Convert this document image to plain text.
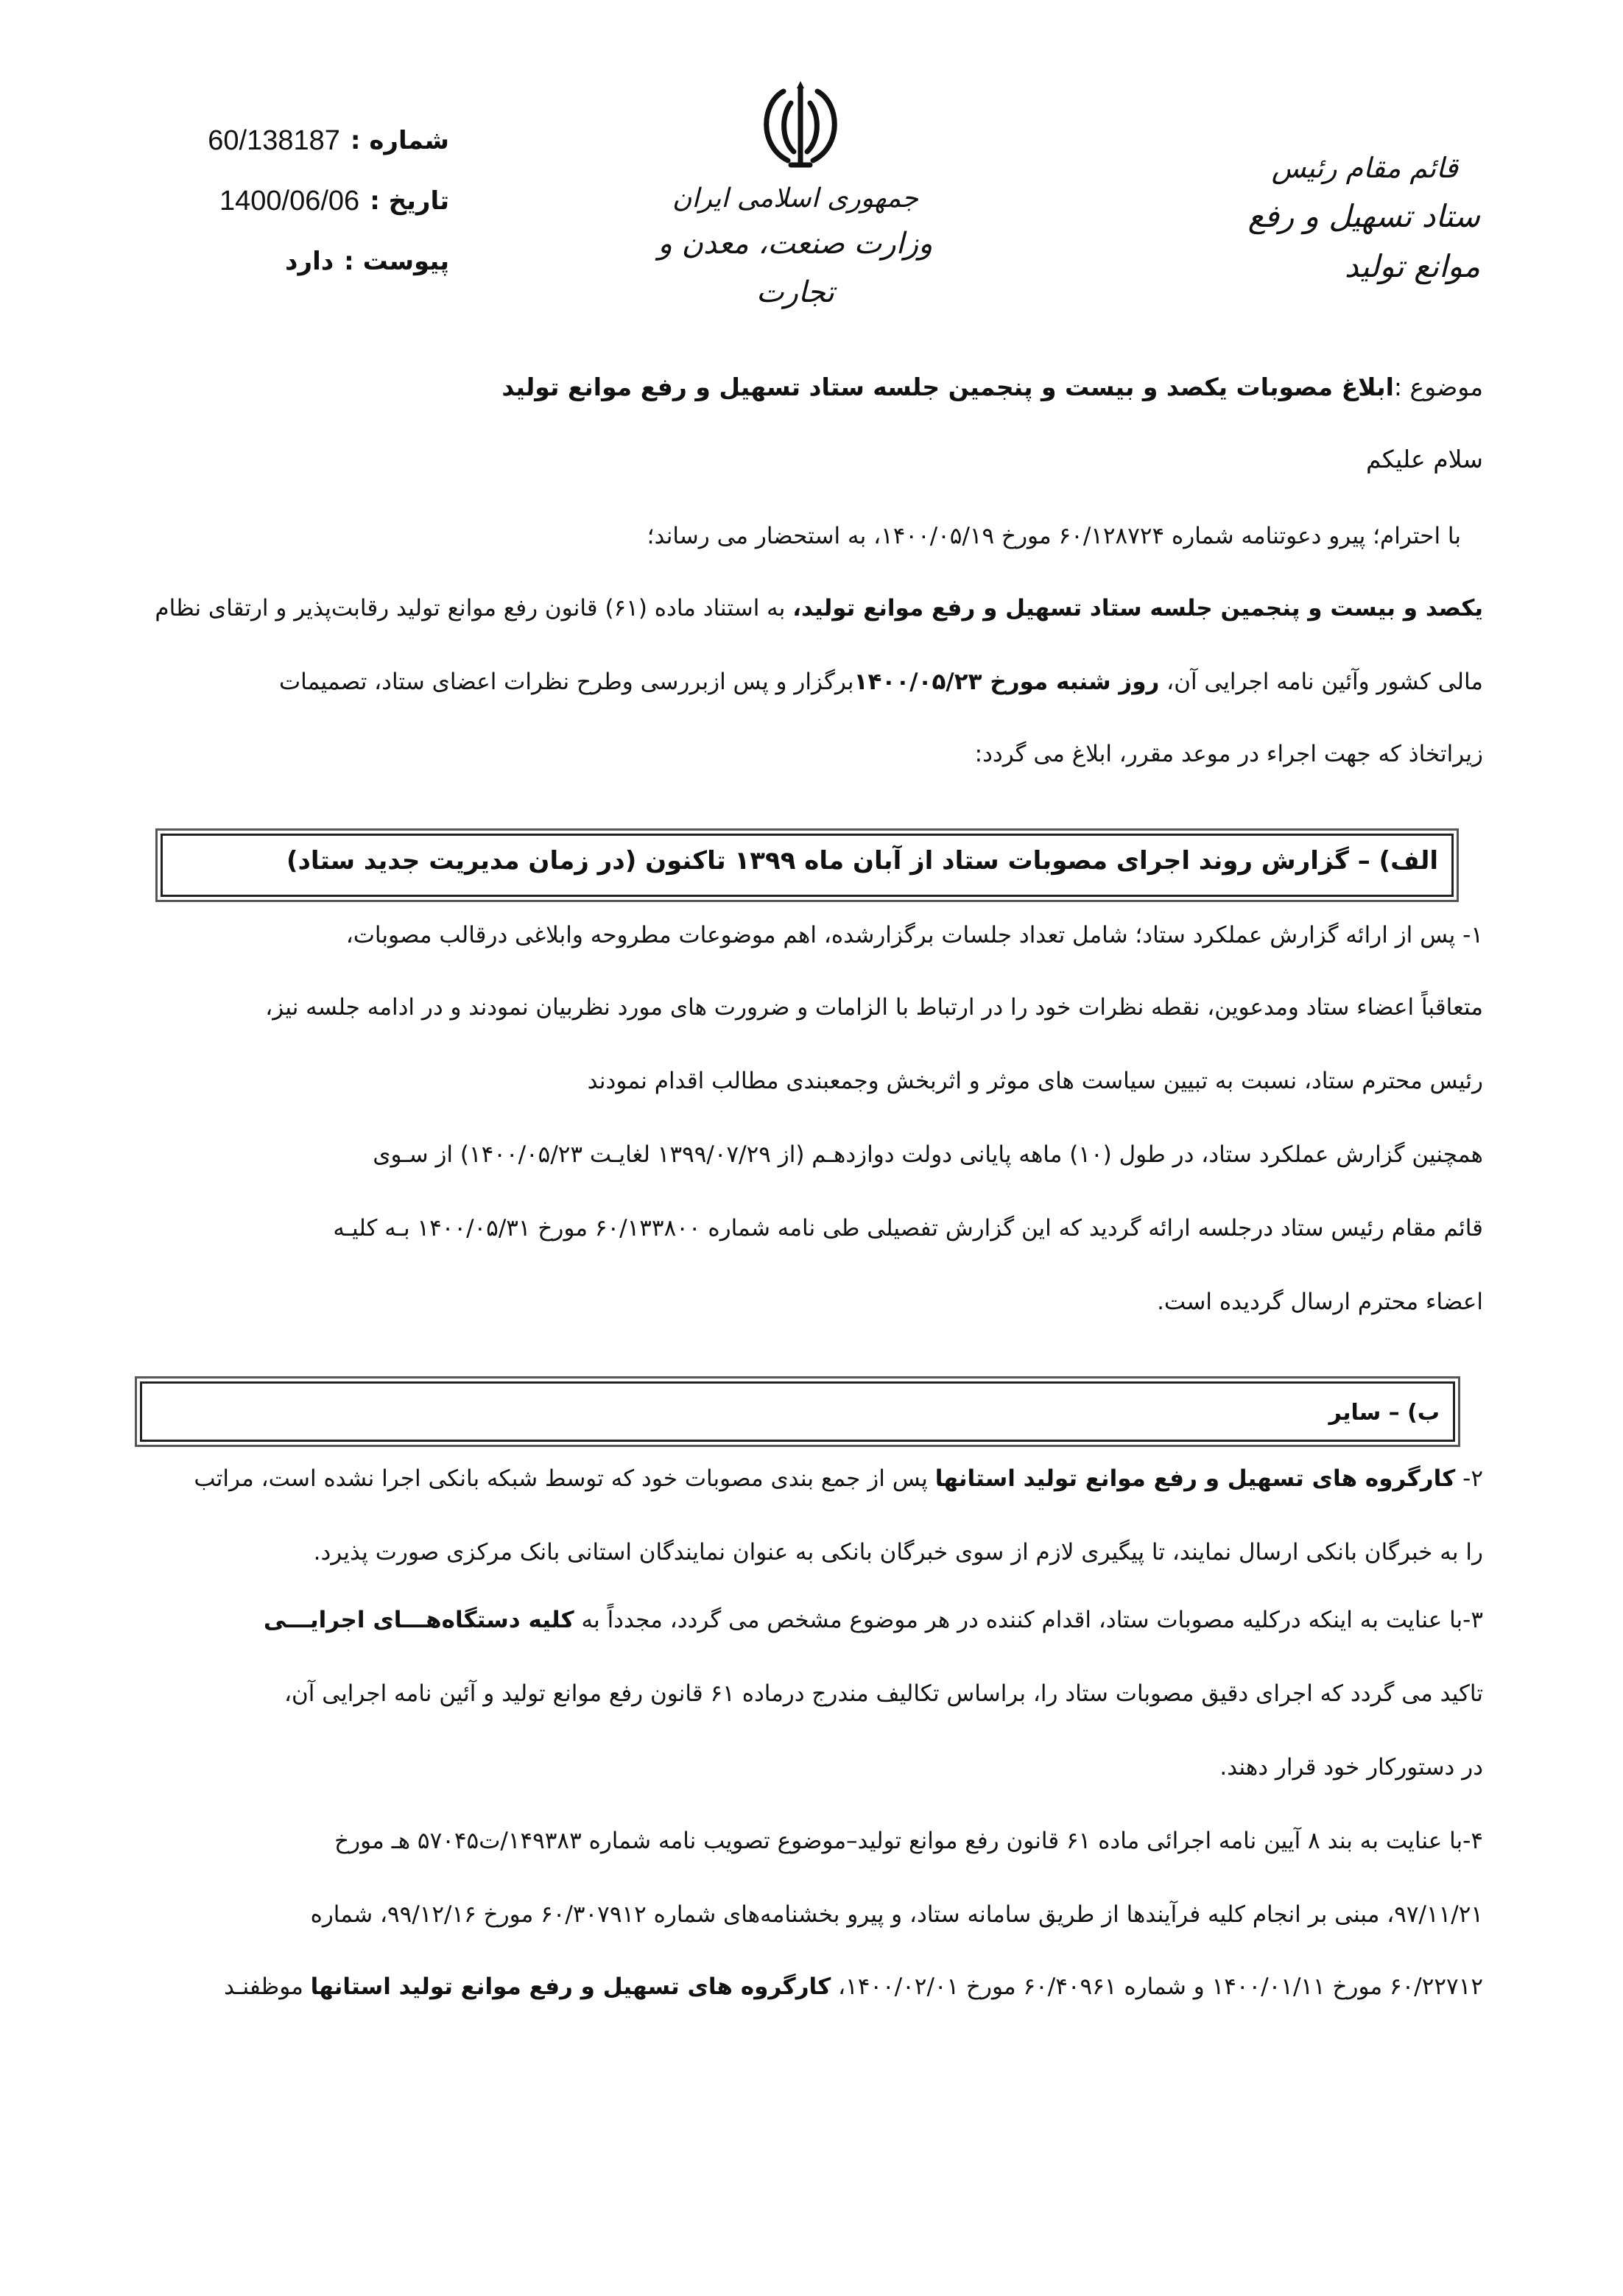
شماره :
60/138187
تاریخ :
1400/06/06
پیوست :
دارد
جمهوری اسلامی ایران
وزارت صنعت، معدن و تجارت
قائم مقام رئیس
ستاد تسهیل و رفع موانع تولید
موضوع :ابلاغ مصوبات یکصد و بیست و پنجمین جلسه ستاد تسهیل و رفع موانع تولید
سلام علیکم
با احترام؛ پیرو دعوتنامه شماره ۶۰/۱۲۸۷۲۴ مورخ ۱۴۰۰/۰۵/۱۹، به استحضار می رساند؛
یکصد و بیست و پنجمین جلسه ستاد تسهیل و رفع موانع تولید، به استناد ماده (۶۱) قانون رفع موانع تولید رقابت‌پذیر و ارتقای نظام
مالی کشور وآئین نامه اجرایی آن، روز شنبه مورخ ۱۴۰۰/۰۵/۲۳برگزار و پس ازبررسی وطرح نظرات اعضای ستاد، تصمیمات
زیراتخاذ که جهت اجراء در موعد مقرر، ابلاغ می گردد:
الف) – گزارش روند اجرای مصوبات ستاد از آبان ماه ۱۳۹۹ تاکنون (در زمان مدیریت جدید ستاد)
۱- پس از ارائه گزارش عملکرد ستاد؛ شامل تعداد جلسات برگزارشده، اهم موضوعات مطروحه وابلاغی درقالب مصوبات،
متعاقباً اعضاء ستاد ومدعوین، نقطه نظرات خود را در ارتباط با الزامات و ضرورت های مورد نظربیان نمودند و در ادامه جلسه نیز،
رئیس محترم ستاد، نسبت به تبیین سیاست های موثر و اثربخش وجمعبندی مطالب اقدام نمودند
همچنین گزارش عملکرد ستاد، در طول (۱۰) ماهه پایانی دولت دوازدهـم (از ۱۳۹۹/۰۷/۲۹ لغایـت ۱۴۰۰/۰۵/۲۳) از سـوی
قائم مقام رئیس ستاد درجلسه ارائه گردید که این گزارش تفصیلی طی نامه شماره ۶۰/۱۳۳۸۰۰ مورخ ۱۴۰۰/۰۵/۳۱ بـه کلیـه
اعضاء محترم ارسال گردیده است.
ب) – سایر
۲- کارگروه های تسهیل و رفع موانع تولید استانها پس از جمع بندی مصوبات خود که توسط شبکه بانکی اجرا نشده است، مراتب
را به خبرگان بانکی ارسال نمایند، تا پیگیری لازم از سوی خبرگان بانکی به عنوان نمایندگان استانی بانک مرکزی صورت پذیرد.
۳-با عنایت به اینکه درکلیه مصوبات ستاد، اقدام کننده در هر موضوع مشخص می گردد، مجدداً به کلیه دستگاه‌هـــای اجرایـــی
تاکید می گردد که اجرای دقیق مصوبات ستاد را، براساس تکالیف مندرج درماده ۶۱ قانون رفع موانع تولید و آئین نامه اجرایی آن،
در دستورکار خود قرار دهند.
۴-با عنایت به بند ۸ آیین نامه اجرائی ماده ۶۱ قانون رفع موانع تولید–موضوع تصویب نامه شماره ۱۴۹۳۸۳/ت۵۷۰۴۵ هـ مورخ
۹۷/۱۱/۲۱، مبنی بر انجام کلیه فرآیندها از طریق سامانه ستاد، و پیرو بخشنامه‌های شماره ۶۰/۳۰۷۹۱۲ مورخ ۹۹/۱۲/۱۶، شماره
۶۰/۲۲۷۱۲ مورخ ۱۴۰۰/۰۱/۱۱ و شماره ۶۰/۴۰۹۶۱ مورخ ۱۴۰۰/۰۲/۰۱، کارگروه های تسهیل و رفع موانع تولید استانها موظفنـد
